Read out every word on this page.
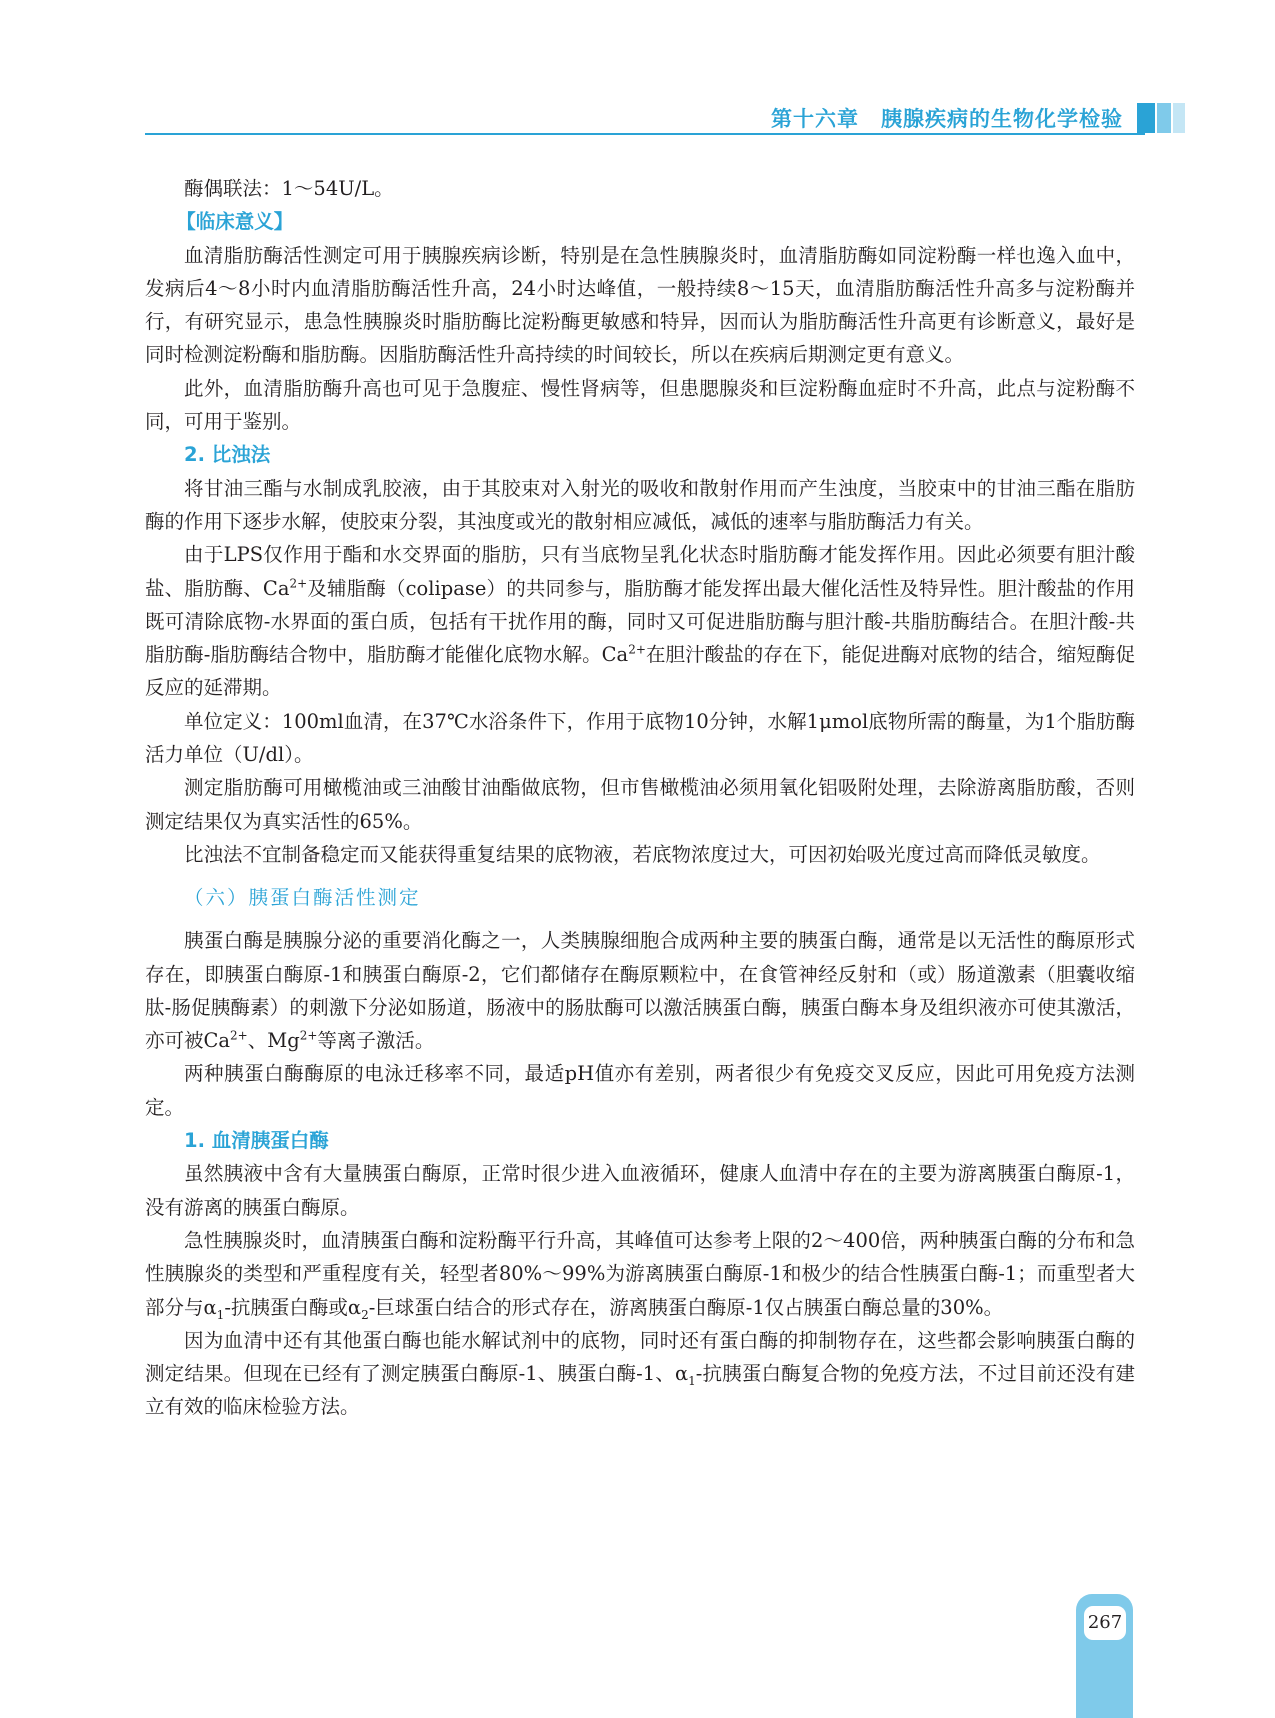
第十六章　胰腺疾病的生物化学检验

酶偶联法：1～54U/L。

【临床意义】

血清脂肪酶活性测定可用于胰腺疾病诊断，特别是在急性胰腺炎时，血清脂肪酶如同淀粉酶一样也逸入血中，发病后4～8小时内血清脂肪酶活性升高，24小时达峰值，一般持续8～15天，血清脂肪酶活性升高多与淀粉酶并行，有研究显示，患急性胰腺炎时脂肪酶比淀粉酶更敏感和特异，因而认为脂肪酶活性升高更有诊断意义，最好是同时检测淀粉酶和脂肪酶。因脂肪酶活性升高持续的时间较长，所以在疾病后期测定更有意义。

此外，血清脂肪酶升高也可见于急腹症、慢性肾病等，但患腮腺炎和巨淀粉酶血症时不升高，此点与淀粉酶不同，可用于鉴别。

2. 比浊法

将甘油三酯与水制成乳胶液，由于其胶束对入射光的吸收和散射作用而产生浊度，当胶束中的甘油三酯在脂肪酶的作用下逐步水解，使胶束分裂，其浊度或光的散射相应减低，减低的速率与脂肪酶活力有关。

由于LPS仅作用于酯和水交界面的脂肪，只有当底物呈乳化状态时脂肪酶才能发挥作用。因此必须要有胆汁酸盐、脂肪酶、$Ca^{2+}$及辅脂酶（colipase）的共同参与，脂肪酶才能发挥出最大催化活性及特异性。胆汁酸盐的作用既可清除底物-水界面的蛋白质，包括有干扰作用的酶，同时又可促进脂肪酶与胆汁酸-共脂肪酶结合。在胆汁酸-共脂肪酶-脂肪酶结合物中，脂肪酶才能催化底物水解。$Ca^{2+}$在胆汁酸盐的存在下，能促进酶对底物的结合，缩短酶促反应的延滞期。

单位定义：100ml血清，在37℃水浴条件下，作用于底物10分钟，水解1μmol底物所需的酶量，为1个脂肪酶活力单位（U/dl）。

测定脂肪酶可用橄榄油或三油酸甘油酯做底物，但市售橄榄油必须用氧化铝吸附处理，去除游离脂肪酸，否则测定结果仅为真实活性的65%。

比浊法不宜制备稳定而又能获得重复结果的底物液，若底物浓度过大，可因初始吸光度过高而降低灵敏度。

（六）胰蛋白酶活性测定

胰蛋白酶是胰腺分泌的重要消化酶之一，人类胰腺细胞合成两种主要的胰蛋白酶，通常是以无活性的酶原形式存在，即胰蛋白酶原-1和胰蛋白酶原-2，它们都储存在酶原颗粒中，在食管神经反射和（或）肠道激素（胆囊收缩肽-肠促胰酶素）的刺激下分泌如肠道，肠液中的肠肽酶可以激活胰蛋白酶，胰蛋白酶本身及组织液亦可使其激活，亦可被$Ca^{2+}$、$Mg^{2+}$等离子激活。

两种胰蛋白酶酶原的电泳迁移率不同，最适pH值亦有差别，两者很少有免疫交叉反应，因此可用免疫方法测定。

1. 血清胰蛋白酶

虽然胰液中含有大量胰蛋白酶原，正常时很少进入血液循环，健康人血清中存在的主要为游离胰蛋白酶原-1，没有游离的胰蛋白酶原。

急性胰腺炎时，血清胰蛋白酶和淀粉酶平行升高，其峰值可达参考上限的2～400倍，两种胰蛋白酶的分布和急性胰腺炎的类型和严重程度有关，轻型者80%～99%为游离胰蛋白酶原-1和极少的结合性胰蛋白酶-1；而重型者大部分与$\alpha_1-$抗胰蛋白酶或$\alpha_2-$巨球蛋白结合的形式存在，游离胰蛋白酶原-1仅占胰蛋白酶总量的30%。

因为血清中还有其他蛋白酶也能水解试剂中的底物，同时还有蛋白酶的抑制物存在，这些都会影响胰蛋白酶的测定结果。但现在已经有了测定胰蛋白酶原-1、胰蛋白酶-1、$\alpha_1-$抗胰蛋白酶复合物的免疫方法，不过目前还没有建立有效的临床检验方法。

267
